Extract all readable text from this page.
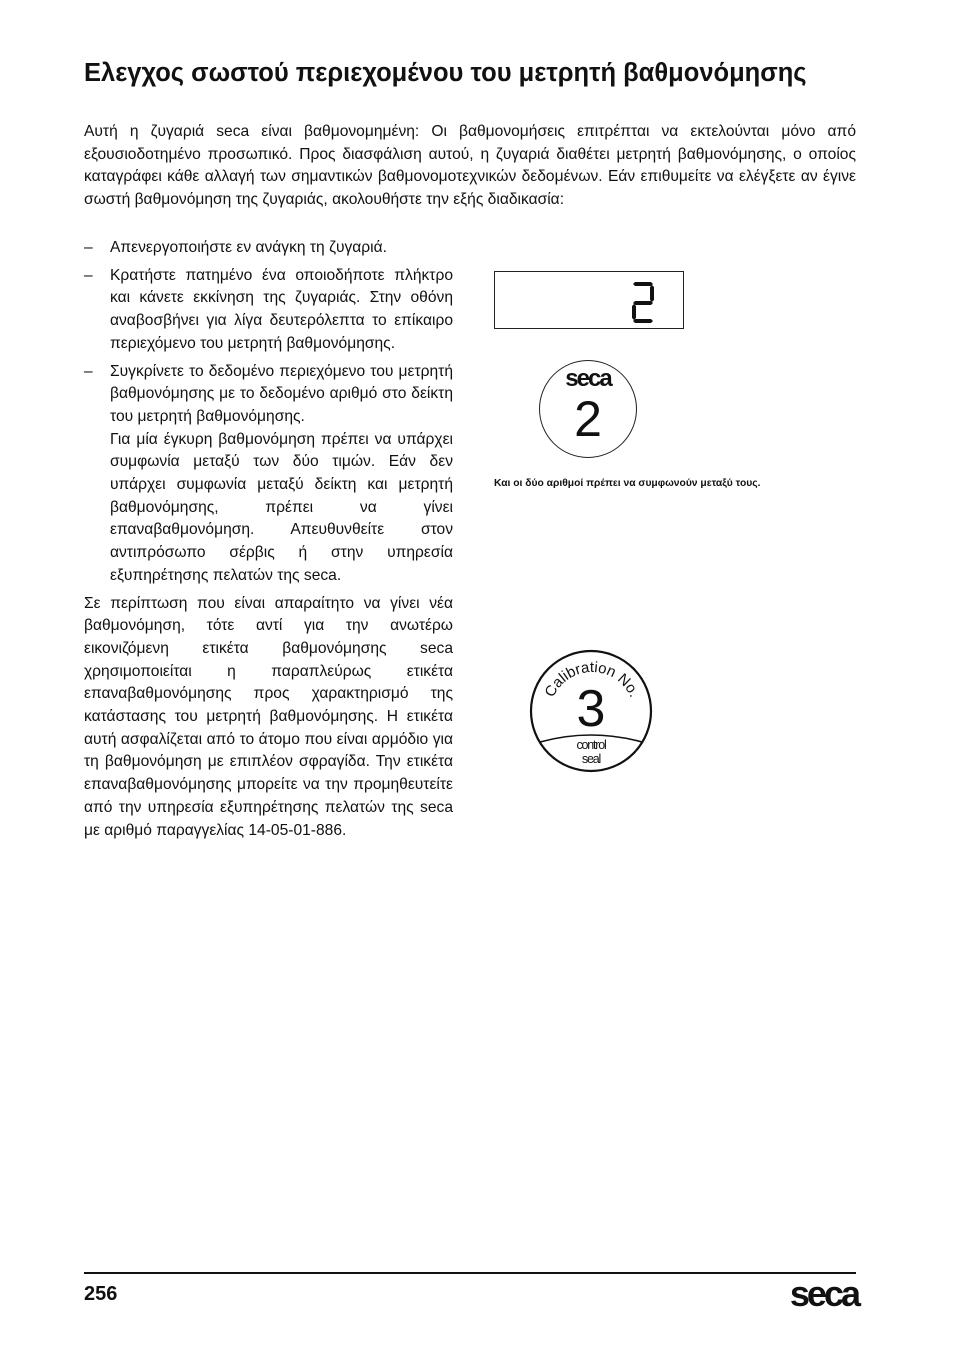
Ελεγχος σωστού περιεχομένου του μετρητή βαθμονόμησης

Αυτή η ζυγαριά seca είναι βαθμονομημένη: Οι βαθμονομήσεις επιτρέπται να εκτελούνται μόνο από εξουσιοδοτημένο προσωπικό. Προς διασφάλιση αυτού, η ζυγαριά διαθέτει μετρητή βαθμονόμησης, ο οποίος καταγράφει κάθε αλλαγή των σημαντικών βαθμονομοτεχνικών δεδομένων. Εάν επιθυμείτε να ελέγξετε αν έγινε σωστή βαθμονόμηση της ζυγαριάς, ακολουθήστε την εξής διαδικασία:

– Απενεργοποιήστε εν ανάγκη τη ζυγαριά.

– Κρατήστε πατημένο ένα οποιοδήποτε πλήκτρο και κάνετε εκκίνηση της ζυγαριάς. Στην οθόνη αναβοσβήνει για λίγα δευτερόλεπτα το επίκαιρο περιεχόμενο του μετρητή βαθμονόμησης.

– Συγκρίνετε το δεδομένο περιεχόμενο του μετρητή βαθμονόμησης με το δεδομένο αριθμό στο δείκτη του μετρητή βαθμονόμησης.

Για μία έγκυρη βαθμονόμηση πρέπει να υπάρχει συμφωνία μεταξύ των δύο τιμών. Εάν δεν υπάρχει συμφωνία μεταξύ δείκτη και μετρητή βαθμονόμησης, πρέπει να γίνει επαναβαθμονόμηση. Απευθυνθείτε στον αντιπρόσωπο σέρβις ή στην υπηρεσία εξυπηρέτησης πελατών της seca.

Σε περίπτωση που είναι απαραίτητο να γίνει νέα βαθμονόμηση, τότε αντί για την ανωτέρω εικονιζόμενη ετικέτα βαθμονόμησης seca χρησιμοποιείται η παραπλεύρως ετικέτα επαναβαθμονόμησης προς χαρακτηρισμό της κατάστασης του μετρητή βαθμονόμησης. Η ετικέτα αυτή ασφαλίζεται από το άτομο που είναι αρμόδιο για τη βαθμονόμηση με επιπλέον σφραγίδα. Την ετικέτα επαναβαθμονόμησης μπορείτε να την προμηθευτείτε από την υπηρεσία εξυπηρέτησης πελατών της seca με αριθμό παραγγελίας 14-05-01-886.

2
seca
2

Και οι δύο αριθμοί πρέπει να συμφωνούν μεταξύ τους.

Calibration No.
3
control
seal

256	seca
